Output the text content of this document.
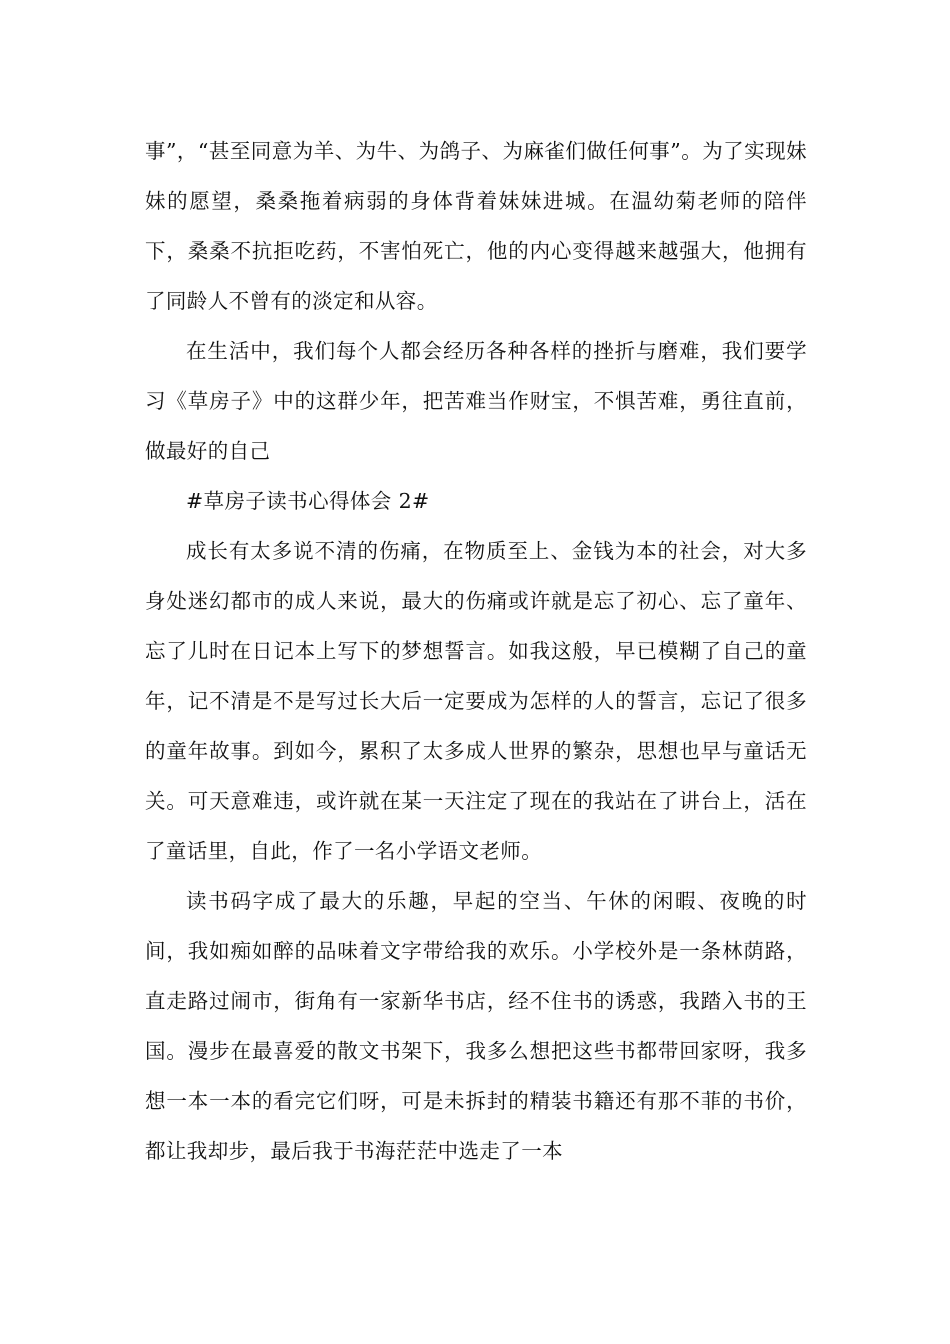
事”，“甚至同意为羊、为牛、为鸽子、为麻雀们做任何事”。为了实现妹妹的愿望，桑桑拖着病弱的身体背着妹妹进城。在温幼菊老师的陪伴下，桑桑不抗拒吃药，不害怕死亡，他的内心变得越来越强大，他拥有了同龄人不曾有的淡定和从容。

在生活中，我们每个人都会经历各种各样的挫折与磨难，我们要学习《草房子》中的这群少年，把苦难当作财宝，不惧苦难，勇往直前，做最好的自己

#草房子读书心得体会 2#

成长有太多说不清的伤痛，在物质至上、金钱为本的社会，对大多身处迷幻都市的成人来说，最大的伤痛或许就是忘了初心、忘了童年、忘了儿时在日记本上写下的梦想誓言。如我这般，早已模糊了自己的童年，记不清是不是写过长大后一定要成为怎样的人的誓言，忘记了很多的童年故事。到如今，累积了太多成人世界的繁杂，思想也早与童话无关。可天意难违，或许就在某一天注定了现在的我站在了讲台上，活在了童话里，自此，作了一名小学语文老师。

读书码字成了最大的乐趣，早起的空当、午休的闲暇、夜晚的时间，我如痴如醉的品味着文字带给我的欢乐。小学校外是一条林荫路，直走路过闹市，街角有一家新华书店，经不住书的诱惑，我踏入书的王国。漫步在最喜爱的散文书架下，我多么想把这些书都带回家呀，我多想一本一本的看完它们呀，可是未拆封的精装书籍还有那不菲的书价，都让我却步，最后我于书海茫茫中选走了一本
